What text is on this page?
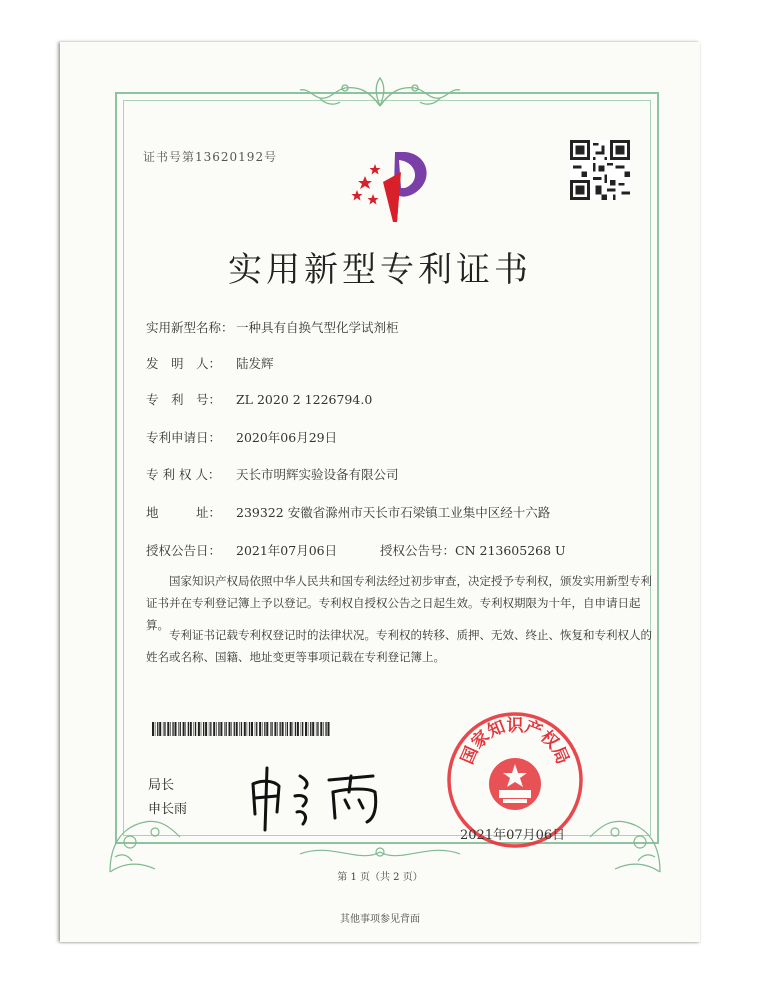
证书号第13620192号
实用新型专利证书
实用新型名称： 一种具有自换气型化学试剂柜
发　明　人： 陆发辉
专　利　号： ZL 2020 2 1226794.0
专利申请日： 2020年06月29日
专 利 权 人： 天长市明辉实验设备有限公司
地　　　址： 239322 安徽省滁州市天长市石梁镇工业集中区经十六路
授权公告日： 2021年07月06日	授权公告号：CN 213605268 U
国家知识产权局依照中华人民共和国专利法经过初步审查，决定授予专利权，颁发实用新型专利证书并在专利登记簿上予以登记。专利权自授权公告之日起生效。专利权期限为十年，自申请日起算。
专利证书记载专利权登记时的法律状况。专利权的转移、质押、无效、终止、恢复和专利权人的姓名或名称、国籍、地址变更等事项记载在专利登记簿上。
局长
申长雨
国家知识产权局
2021年07月06日
第 1 页（共 2 页）
其他事项参见背面
